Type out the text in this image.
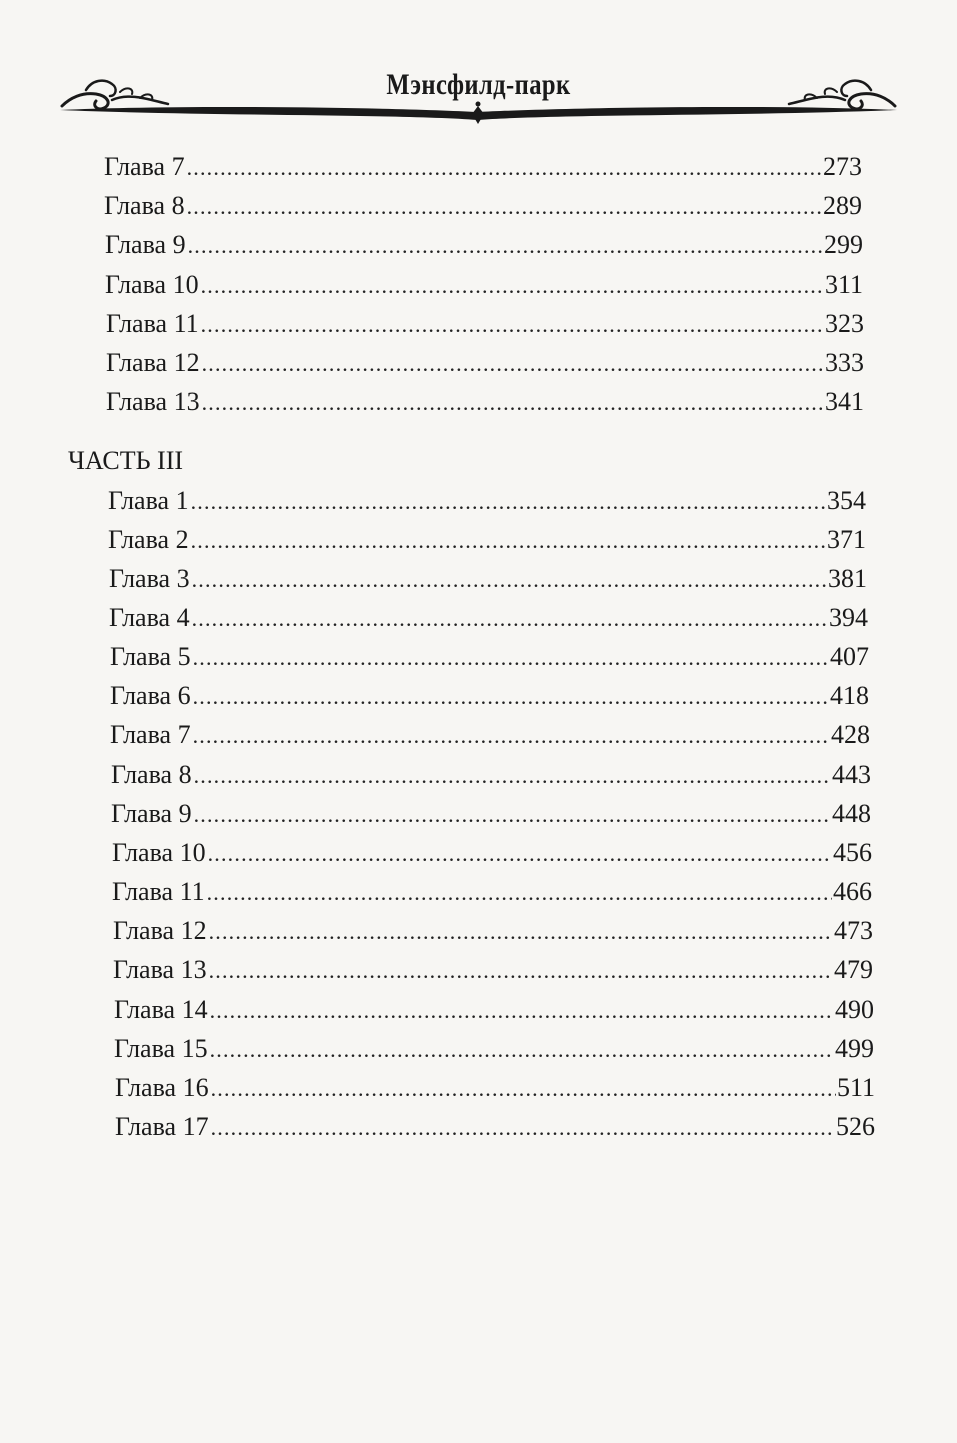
Мэнсфилд-парк
Глава 7 .....	273
Глава 8 .....	289
Глава 9 .....	299
Глава 10 .....	311
Глава 11 .....	323
Глава 12 .....	333
Глава 13 .....	341
ЧАСТЬ III
Глава 1 .....	354
Глава 2 .....	371
Глава 3 .....	381
Глава 4 .....	394
Глава 5 .....	407
Глава 6 .....	418
Глава 7 .....	428
Глава 8 .....	443
Глава 9 .....	448
Глава 10 .....	456
Глава 11 .....	466
Глава 12 .....	473
Глава 13 .....	479
Глава 14 .....	490
Глава 15 .....	499
Глава 16 .....	511
Глава 17 .....	526
